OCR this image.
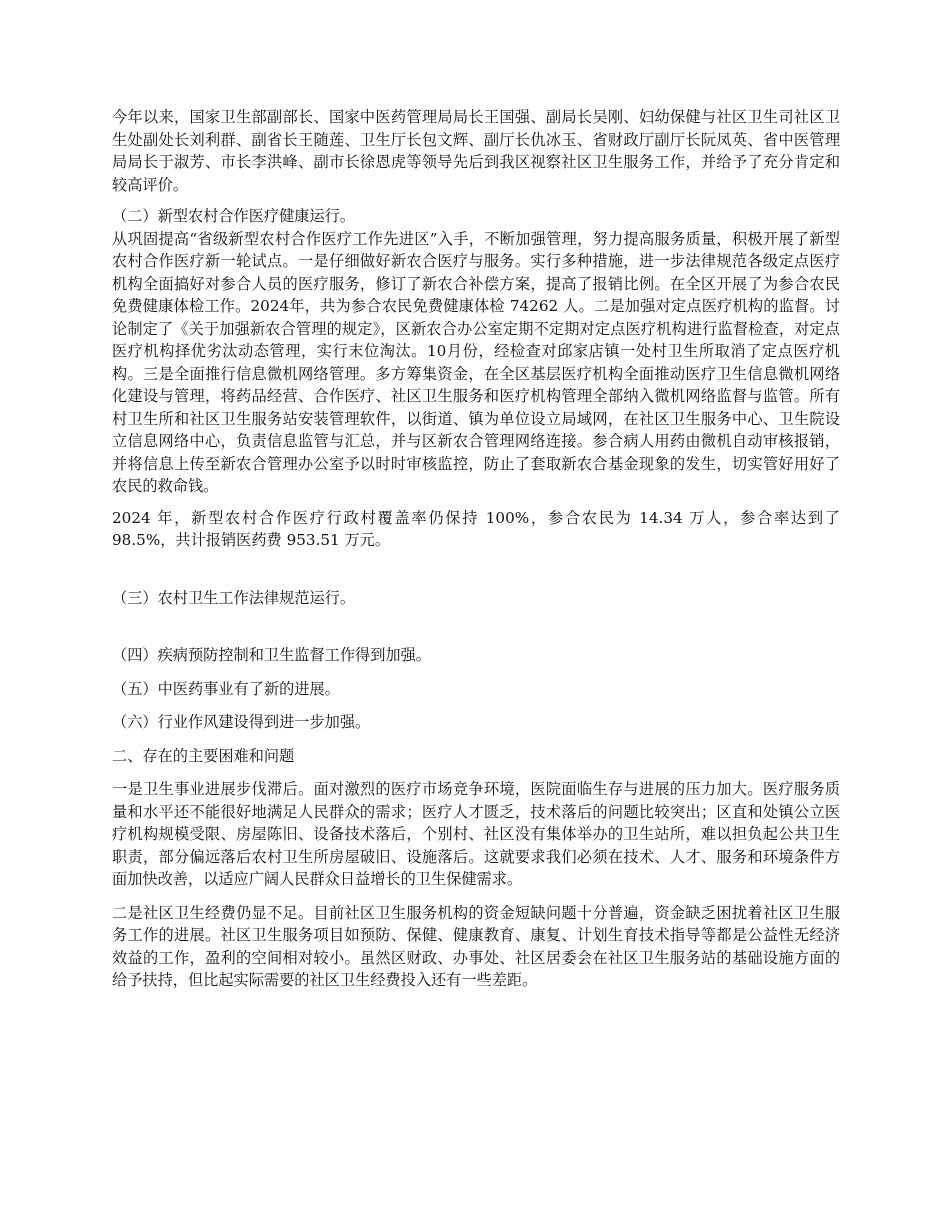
今年以来，国家卫生部副部长、国家中医药管理局局长王国强、副局长吴刚、妇幼保健与社区卫生司社区卫生处副处长刘利群、副省长王随莲、卫生厅长包文辉、副厅长仇冰玉、省财政厅副厅长阮凤英、省中医管理局局长于淑芳、市长李洪峰、副市长徐恩虎等领导先后到我区视察社区卫生服务工作，并给予了充分肯定和较高评价。

（二）新型农村合作医疗健康运行。

从巩固提高“省级新型农村合作医疗工作先进区”入手，不断加强管理，努力提高服务质量，积极开展了新型农村合作医疗新一轮试点。一是仔细做好新农合医疗与服务。实行多种措施，进一步法律规范各级定点医疗机构全面搞好对参合人员的医疗服务，修订了新农合补偿方案，提高了报销比例。在全区开展了为参合农民免费健康体检工作。2024年，共为参合农民免费健康体检 74262 人。二是加强对定点医疗机构的监督。讨论制定了《关于加强新农合管理的规定》，区新农合办公室定期不定期对定点医疗机构进行监督检查，对定点医疗机构择优劣汰动态管理，实行末位淘汰。10月份，经检查对邱家店镇一处村卫生所取消了定点医疗机构。三是全面推行信息微机网络管理。多方筹集资金，在全区基层医疗机构全面推动医疗卫生信息微机网络化建设与管理，将药品经营、合作医疗、社区卫生服务和医疗机构管理全部纳入微机网络监督与监管。所有村卫生所和社区卫生服务站安装管理软件，以街道、镇为单位设立局域网，在社区卫生服务中心、卫生院设立信息网络中心，负责信息监管与汇总，并与区新农合管理网络连接。参合病人用药由微机自动审核报销，并将信息上传至新农合管理办公室予以时时审核监控，防止了套取新农合基金现象的发生，切实管好用好了农民的救命钱。

2024 年，新型农村合作医疗行政村覆盖率仍保持 100%，参合农民为 14.34 万人，参合率达到了 98.5%，共计报销医药费 953.51 万元。

（三）农村卫生工作法律规范运行。

（四）疾病预防控制和卫生监督工作得到加强。

（五）中医药事业有了新的进展。

（六）行业作风建设得到进一步加强。

二、存在的主要困难和问题

一是卫生事业进展步伐滞后。面对激烈的医疗市场竞争环境，医院面临生存与进展的压力加大。医疗服务质量和水平还不能很好地满足人民群众的需求；医疗人才匮乏，技术落后的问题比较突出；区直和处镇公立医疗机构规模受限、房屋陈旧、设备技术落后，个别村、社区没有集体举办的卫生站所，难以担负起公共卫生职责，部分偏远落后农村卫生所房屋破旧、设施落后。这就要求我们必须在技术、人才、服务和环境条件方面加快改善，以适应广阔人民群众日益增长的卫生保健需求。

二是社区卫生经费仍显不足。目前社区卫生服务机构的资金短缺问题十分普遍，资金缺乏困扰着社区卫生服务工作的进展。社区卫生服务项目如预防、保健、健康教育、康复、计划生育技术指导等都是公益性无经济效益的工作，盈利的空间相对较小。虽然区财政、办事处、社区居委会在社区卫生服务站的基础设施方面的给予扶持，但比起实际需要的社区卫生经费投入还有一些差距。
